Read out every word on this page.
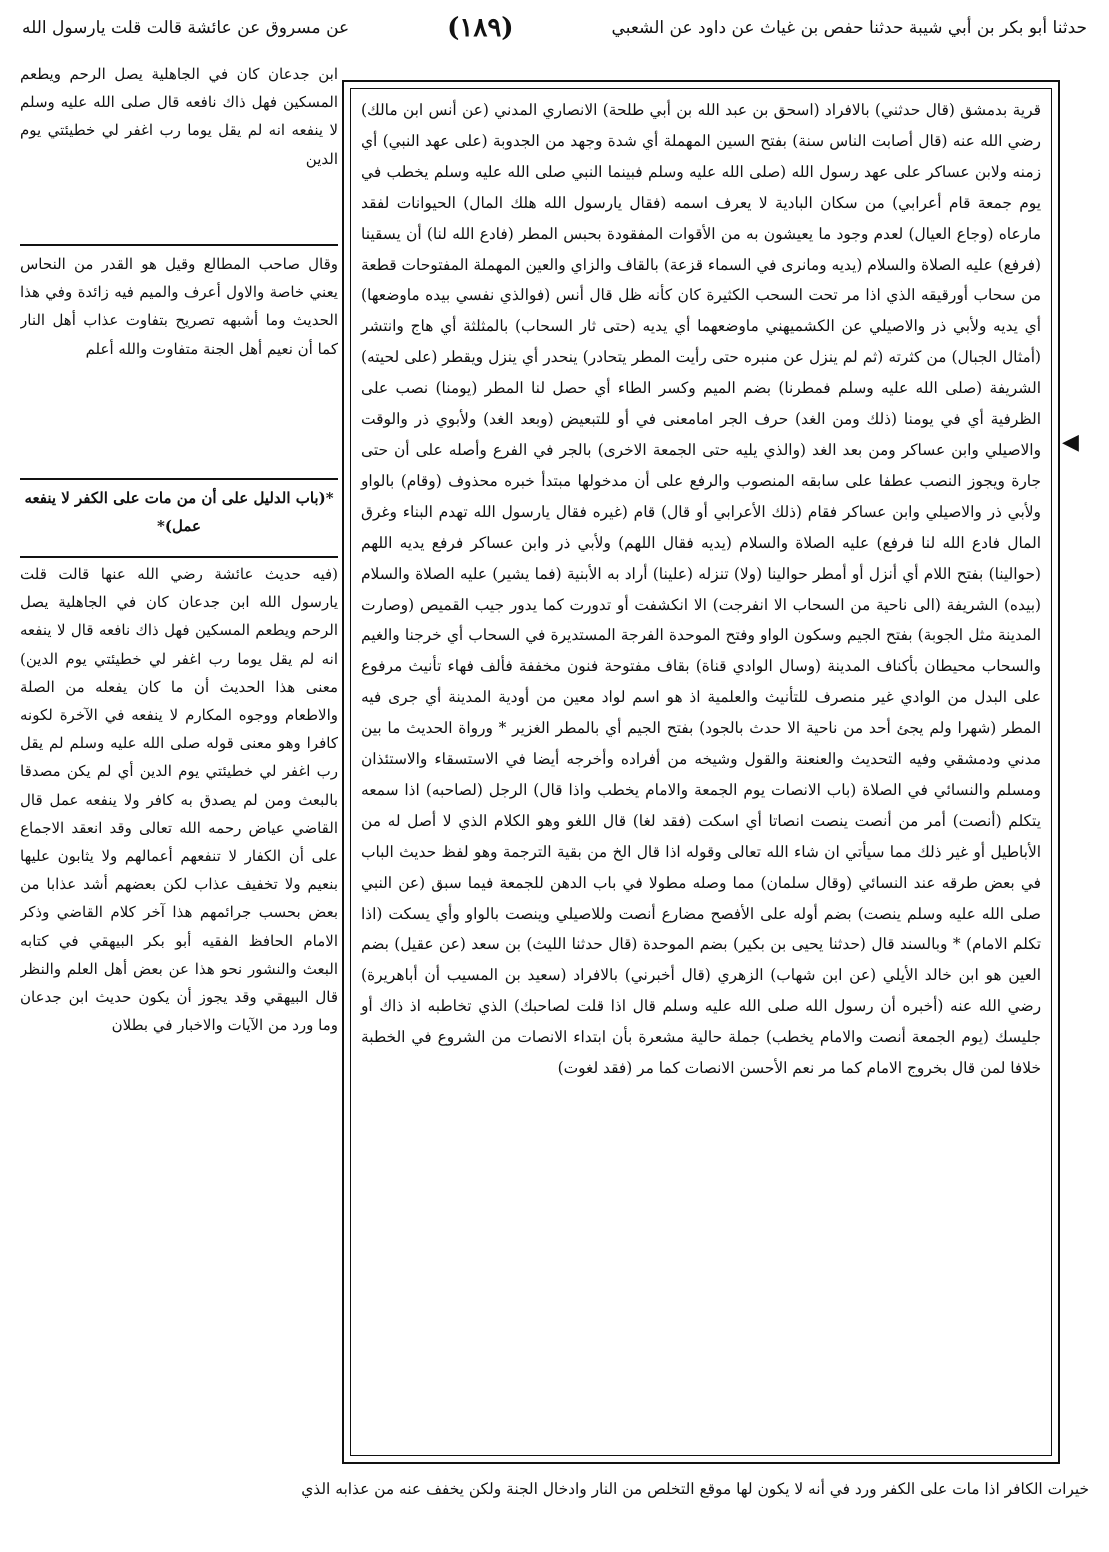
حدثنا أبو بكر بن أبي شيبة حدثنا حفص بن غياث عن داود عن الشعبي
(١٨٩)
عن مسروق عن عائشة قالت قلت يارسول الله

قرية بدمشق (قال حدثني) بالافراد (اسحق بن عبد الله بن أبي طلحة) الانصاري المدني (عن أنس ابن مالك) رضي الله عنه (قال أصابت الناس سنة) بفتح السين المهملة أي شدة وجهد من الجدوبة (على عهد النبي) أي زمنه ولابن عساكر على عهد رسول الله (صلى الله عليه وسلم فبينما النبي صلى الله عليه وسلم يخطب في يوم جمعة قام أعرابي) من سكان البادية لا يعرف اسمه (فقال يارسول الله هلك المال) الحيوانات لفقد مارعاه (وجاع العيال) لعدم وجود ما يعيشون به من الأقوات المفقودة بحبس المطر (فادع الله لنا) أن يسقينا (فرفع) عليه الصلاة والسلام (يديه ومانرى في السماء قزعة) بالقاف والزاي والعين المهملة المفتوحات قطعة من سحاب أورقيقه الذي اذا مر تحت السحب الكثيرة كان كأنه ظل قال أنس (فوالذي نفسي بيده ماوضعها) أي يديه ولأبي ذر والاصيلي عن الكشميهني ماوضعهما أي يديه (حتى ثار السحاب) بالمثلثة أي هاج وانتشر (أمثال الجبال) من كثرته (ثم لم ينزل عن منبره حتى رأيت المطر يتحادر) ينحدر أي ينزل ويقطر (على لحيته) الشريفة (صلى الله عليه وسلم فمطرنا) بضم الميم وكسر الطاء أي حصل لنا المطر (يومنا) نصب على الظرفية أي في يومنا (ذلك ومن الغد) حرف الجر امامعنى في أو للتبعيض (وبعد الغد) ولأبوي ذر والوقت والاصيلي وابن عساكر ومن بعد الغد (والذي يليه حتى الجمعة الاخرى) بالجر في الفرع وأصله على أن حتى جارة ويجوز النصب عطفا على سابقه المنصوب والرفع على أن مدخولها مبتدأ خبره محذوف (وقام) بالواو ولأبي ذر والاصيلي وابن عساكر فقام (ذلك الأعرابي أو قال) قام (غيره فقال يارسول الله تهدم البناء وغرق المال فادع الله لنا فرفع) عليه الصلاة والسلام (يديه فقال اللهم) ولأبي ذر وابن عساكر فرفع يديه اللهم (حوالينا) بفتح اللام أي أنزل أو أمطر حوالينا (ولا) تنزله (علينا) أراد به الأبنية (فما يشير) عليه الصلاة والسلام (بيده) الشريفة (الى ناحية من السحاب الا انفرجت) الا انكشفت أو تدورت كما يدور جيب القميص (وصارت المدينة مثل الجوبة) بفتح الجيم وسكون الواو وفتح الموحدة الفرجة المستديرة في السحاب أي خرجنا والغيم والسحاب محيطان بأكناف المدينة (وسال الوادي قناة) بقاف مفتوحة فنون مخففة فألف فهاء تأنيث مرفوع على البدل من الوادي غير منصرف للتأنيث والعلمية اذ هو اسم لواد معين من أودية المدينة أي جرى فيه المطر (شهرا ولم يجئ أحد من ناحية الا حدث بالجود) بفتح الجيم أي بالمطر الغزير * ورواة الحديث ما بين مدني ودمشقي وفيه التحديث والعنعنة والقول وشيخه من أفراده وأخرجه أيضا في الاستسقاء والاستئذان ومسلم والنسائي في الصلاة (باب الانصات يوم الجمعة والامام يخطب واذا قال) الرجل (لصاحبه) اذا سمعه يتكلم (أنصت) أمر من أنصت ينصت انصاتا أي اسكت (فقد لغا) قال اللغو وهو الكلام الذي لا أصل له من الأباطيل أو غير ذلك مما سيأتي ان شاء الله تعالى وقوله اذا قال الخ من بقية الترجمة وهو لفظ حديث الباب في بعض طرقه عند النسائي (وقال سلمان) مما وصله مطولا في باب الدهن للجمعة فيما سبق (عن النبي صلى الله عليه وسلم ينصت) بضم أوله على الأفصح مضارع أنصت وللاصيلي وينصت بالواو وأي يسكت (اذا تكلم الامام) * وبالسند قال (حدثنا يحيى بن بكير) بضم الموحدة (قال حدثنا الليث) بن سعد (عن عقيل) بضم العين هو ابن خالد الأيلي (عن ابن شهاب) الزهري (قال أخبرني) بالافراد (سعيد بن المسيب أن أباهريرة) رضي الله عنه (أخبره أن رسول الله صلى الله عليه وسلم قال اذا قلت لصاحبك) الذي تخاطبه اذ ذاك أو جليسك (يوم الجمعة أنصت والامام يخطب) جملة حالية مشعرة بأن ابتداء الانصات من الشروع في الخطبة خلافا لمن قال بخروج الامام كما مر نعم الأحسن الانصات كما مر (فقد لغوت)

◀

ابن جدعان كان في الجاهلية يصل الرحم ويطعم المسكين فهل ذاك نافعه قال صلى الله عليه وسلم لا ينفعه انه لم يقل يوما رب اغفر لي خطيئتي يوم الدين

وقال صاحب المطالع وقيل هو القدر من النحاس يعني خاصة والاول أعرف والميم فيه زائدة وفي هذا الحديث وما أشبهه تصريح بتفاوت عذاب أهل النار كما أن نعيم أهل الجنة متفاوت والله أعلم

*(باب الدليل على أن من مات على الكفر لا ينفعه عمل)*

(فيه حديث عائشة رضي الله عنها قالت قلت يارسول الله ابن جدعان كان في الجاهلية يصل الرحم ويطعم المسكين فهل ذاك نافعه قال لا ينفعه انه لم يقل يوما رب اغفر لي خطيئتي يوم الدين) معنى هذا الحديث أن ما كان يفعله من الصلة والاطعام ووجوه المكارم لا ينفعه في الآخرة لكونه كافرا وهو معنى قوله صلى الله عليه وسلم لم يقل رب اغفر لي خطيئتي يوم الدين أي لم يكن مصدقا بالبعث ومن لم يصدق به كافر ولا ينفعه عمل قال القاضي عياض رحمه الله تعالى وقد انعقد الاجماع على أن الكفار لا تنفعهم أعمالهم ولا يثابون عليها بنعيم ولا تخفيف عذاب لكن بعضهم أشد عذابا من بعض بحسب جرائمهم هذا آخر كلام القاضي وذكر الامام الحافظ الفقيه أبو بكر البيهقي في كتابه البعث والنشور نحو هذا عن بعض أهل العلم والنظر قال البيهقي وقد يجوز أن يكون حديث ابن جدعان وما ورد من الآيات والاخبار في بطلان

خيرات الكافر اذا مات على الكفر ورد في أنه لا يكون لها موقع التخلص من النار وادخال الجنة ولكن يخفف عنه من عذابه الذي
